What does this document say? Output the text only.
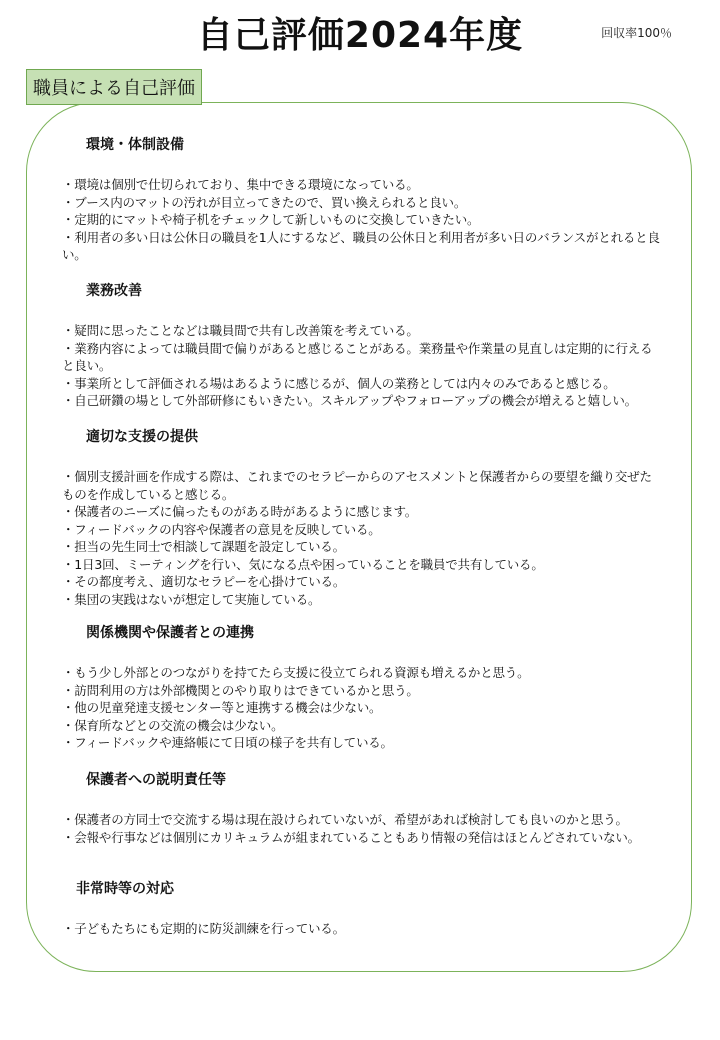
自己評価2024年度	回収率100％
職員による自己評価
環境・体制設備
・環境は個別で仕切られており、集中できる環境になっている。
・ブース内のマットの汚れが目立ってきたので、買い換えられると良い。
・定期的にマットや椅子机をチェックして新しいものに交換していきたい。
・利用者の多い日は公休日の職員を1人にするなど、職員の公休日と利用者が多い日のバランスがとれると良い。
業務改善
・疑問に思ったことなどは職員間で共有し改善策を考えている。
・業務内容によっては職員間で偏りがあると感じることがある。業務量や作業量の見直しは定期的に行えると良い。
・事業所として評価される場はあるように感じるが、個人の業務としては内々のみであると感じる。
・自己研鑽の場として外部研修にもいきたい。スキルアップやフォローアップの機会が増えると嬉しい。
適切な支援の提供
・個別支援計画を作成する際は、これまでのセラピーからのアセスメントと保護者からの要望を織り交ぜたものを作成していると感じる。
・保護者のニーズに偏ったものがある時があるように感じます。
・フィードバックの内容や保護者の意見を反映している。
・担当の先生同士で相談して課題を設定している。
・1日3回、ミーティングを行い、気になる点や困っていることを職員で共有している。
・その都度考え、適切なセラピーを心掛けている。
・集団の実践はないが想定して実施している。
関係機関や保護者との連携
・もう少し外部とのつながりを持てたら支援に役立てられる資源も増えるかと思う。
・訪問利用の方は外部機関とのやり取りはできているかと思う。
・他の児童発達支援センター等と連携する機会は少ない。
・保育所などとの交流の機会は少ない。
・フィードバックや連絡帳にて日頃の様子を共有している。
保護者への説明責任等
・保護者の方同士で交流する場は現在設けられていないが、希望があれば検討しても良いのかと思う。
・会報や行事などは個別にカリキュラムが組まれていることもあり情報の発信はほとんどされていない。
非常時等の対応
・子どもたちにも定期的に防災訓練を行っている。
